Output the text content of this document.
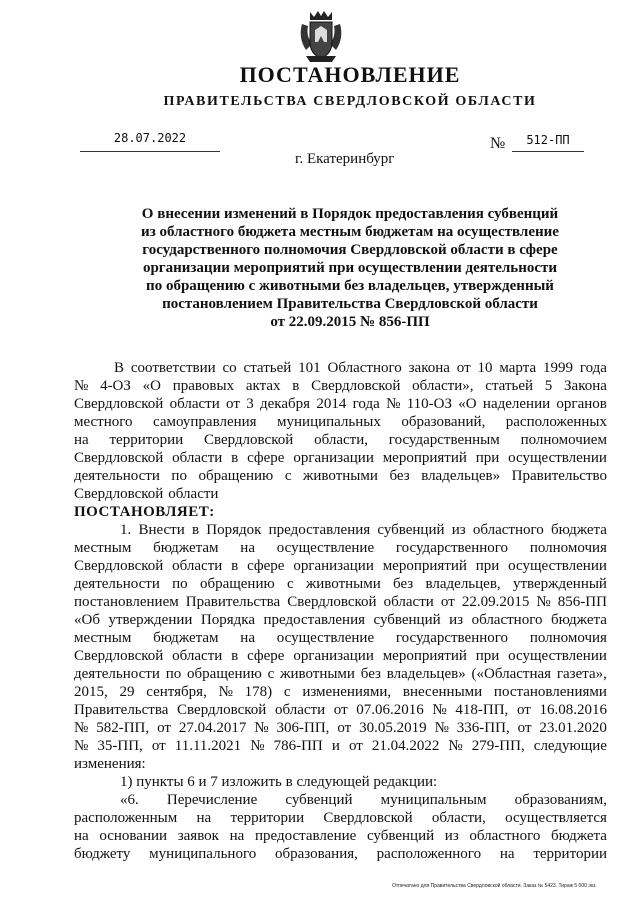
ПОСТАНОВЛЕНИЕ
ПРАВИТЕЛЬСТВА СВЕРДЛОВСКОЙ ОБЛАСТИ
28.07.2022	№	512-ПП
г. Екатеринбург
О внесении изменений в Порядок предоставления субвенций
из областного бюджета местным бюджетам на осуществление
государственного полномочия Свердловской области в сфере
организации мероприятий при осуществлении деятельности
по обращению с животными без владельцев, утвержденный
постановлением Правительства Свердловской области
от 22.09.2015 № 856-ПП
В соответствии со статьей 101 Областного закона от 10 марта 1999 года
№ 4-ОЗ «О правовых актах в Свердловской области», статьей 5 Закона
Свердловской области от 3 декабря 2014 года № 110-ОЗ «О наделении органов
местного самоуправления муниципальных образований, расположенных
на территории Свердловской области, государственным полномочием
Свердловской области в сфере организации мероприятий при осуществлении
деятельности по обращению с животными без владельцев» Правительство
Свердловской области
ПОСТАНОВЛЯЕТ:
1. Внести в Порядок предоставления субвенций из областного бюджета
местным бюджетам на осуществление государственного полномочия
Свердловской области в сфере организации мероприятий при осуществлении
деятельности по обращению с животными без владельцев, утвержденный
постановлением Правительства Свердловской области от 22.09.2015 № 856-ПП
«Об утверждении Порядка предоставления субвенций из областного бюджета
местным бюджетам на осуществление государственного полномочия
Свердловской области в сфере организации мероприятий при осуществлении
деятельности по обращению с животными без владельцев» («Областная газета»,
2015, 29 сентября, № 178) с изменениями, внесенными постановлениями
Правительства Свердловской области от 07.06.2016 № 418-ПП, от 16.08.2016
№ 582-ПП, от 27.04.2017 № 306-ПП, от 30.05.2019 № 336-ПП, от 23.01.2020
№ 35-ПП, от 11.11.2021 № 786-ПП и от 21.04.2022 № 279-ПП, следующие
изменения:
1) пункты 6 и 7 изложить в следующей редакции:
«6. Перечисление субвенций муниципальным образованиям,
расположенным на территории Свердловской области, осуществляется
на основании заявок на предоставление субвенций из областного бюджета
бюджету муниципального образования, расположенного на территории
Отпечатано для Правительства Свердловской области. Заказ № 5423. Тираж 5 000 экз.
